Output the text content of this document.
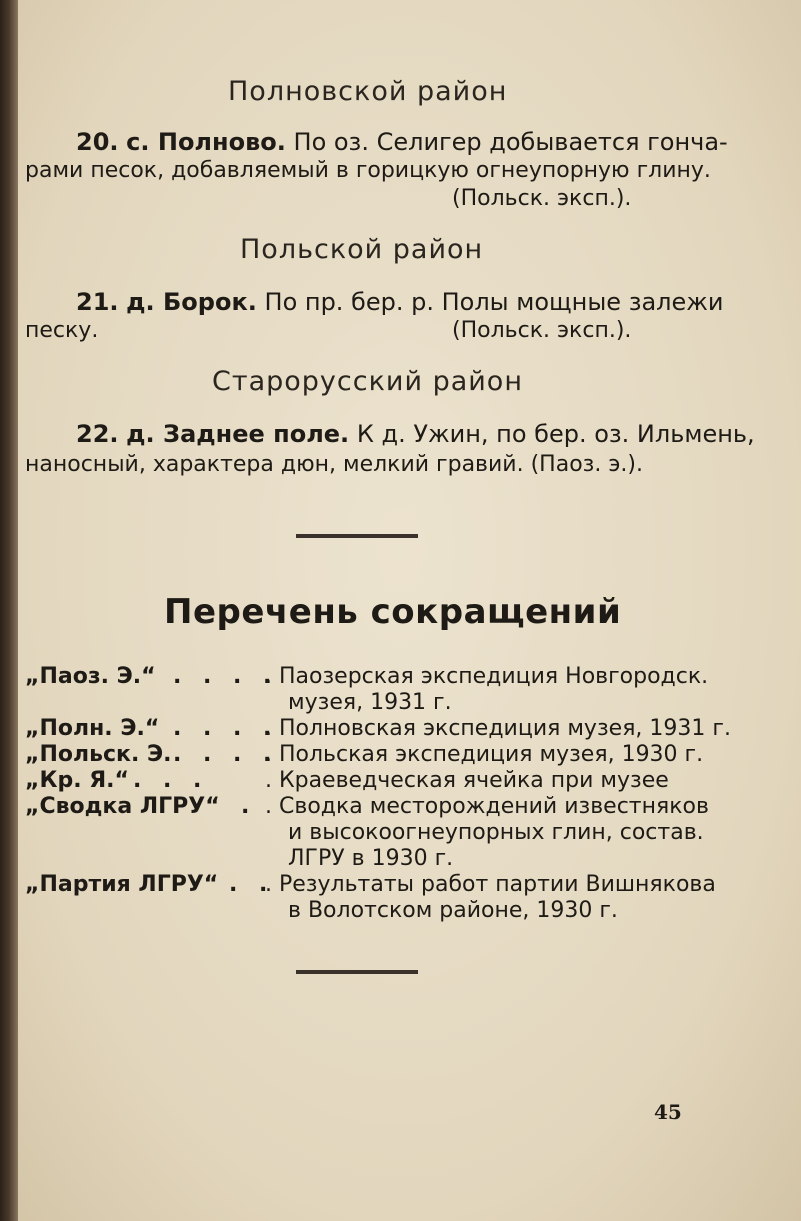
Полновской район
20. с. Полново. По оз. Селигер добывается гонча-
рами песок, добавляемый в горицкую огнеупорную глину.
(Польск. эксп.).
Польской район
21. д. Борок. По пр. бер. р. Полы мощные залежи
песку.	(Польск. эксп.).
Старорусский район
22. д. Заднее поле. К д. Ужин, по бер. оз. Ильмень,
наносный, характера дюн, мелкий гравий. (Паоз. э.).
Перечень сокращений
„Паоз. Э.“ . . . .
. Паозерская экспедиция Новгородск.
музея, 1931 г.
„Полн. Э.“ . . . .
. Полновская экспедиция музея, 1931 г.
„Польск. Э. . . . .
. Польская экспедиция музея, 1930 г.
„Кр. Я.“ . . .	. Краеведческая ячейка при музее
„Сводка ЛГРУ“ . . Сводка месторождений известняков
и высокоогнеупорных глин, состав.
ЛГРУ в 1930 г.
„Партия ЛГРУ“ . .
. Результаты работ партии Вишнякова
в Волотском районе, 1930 г.
45
